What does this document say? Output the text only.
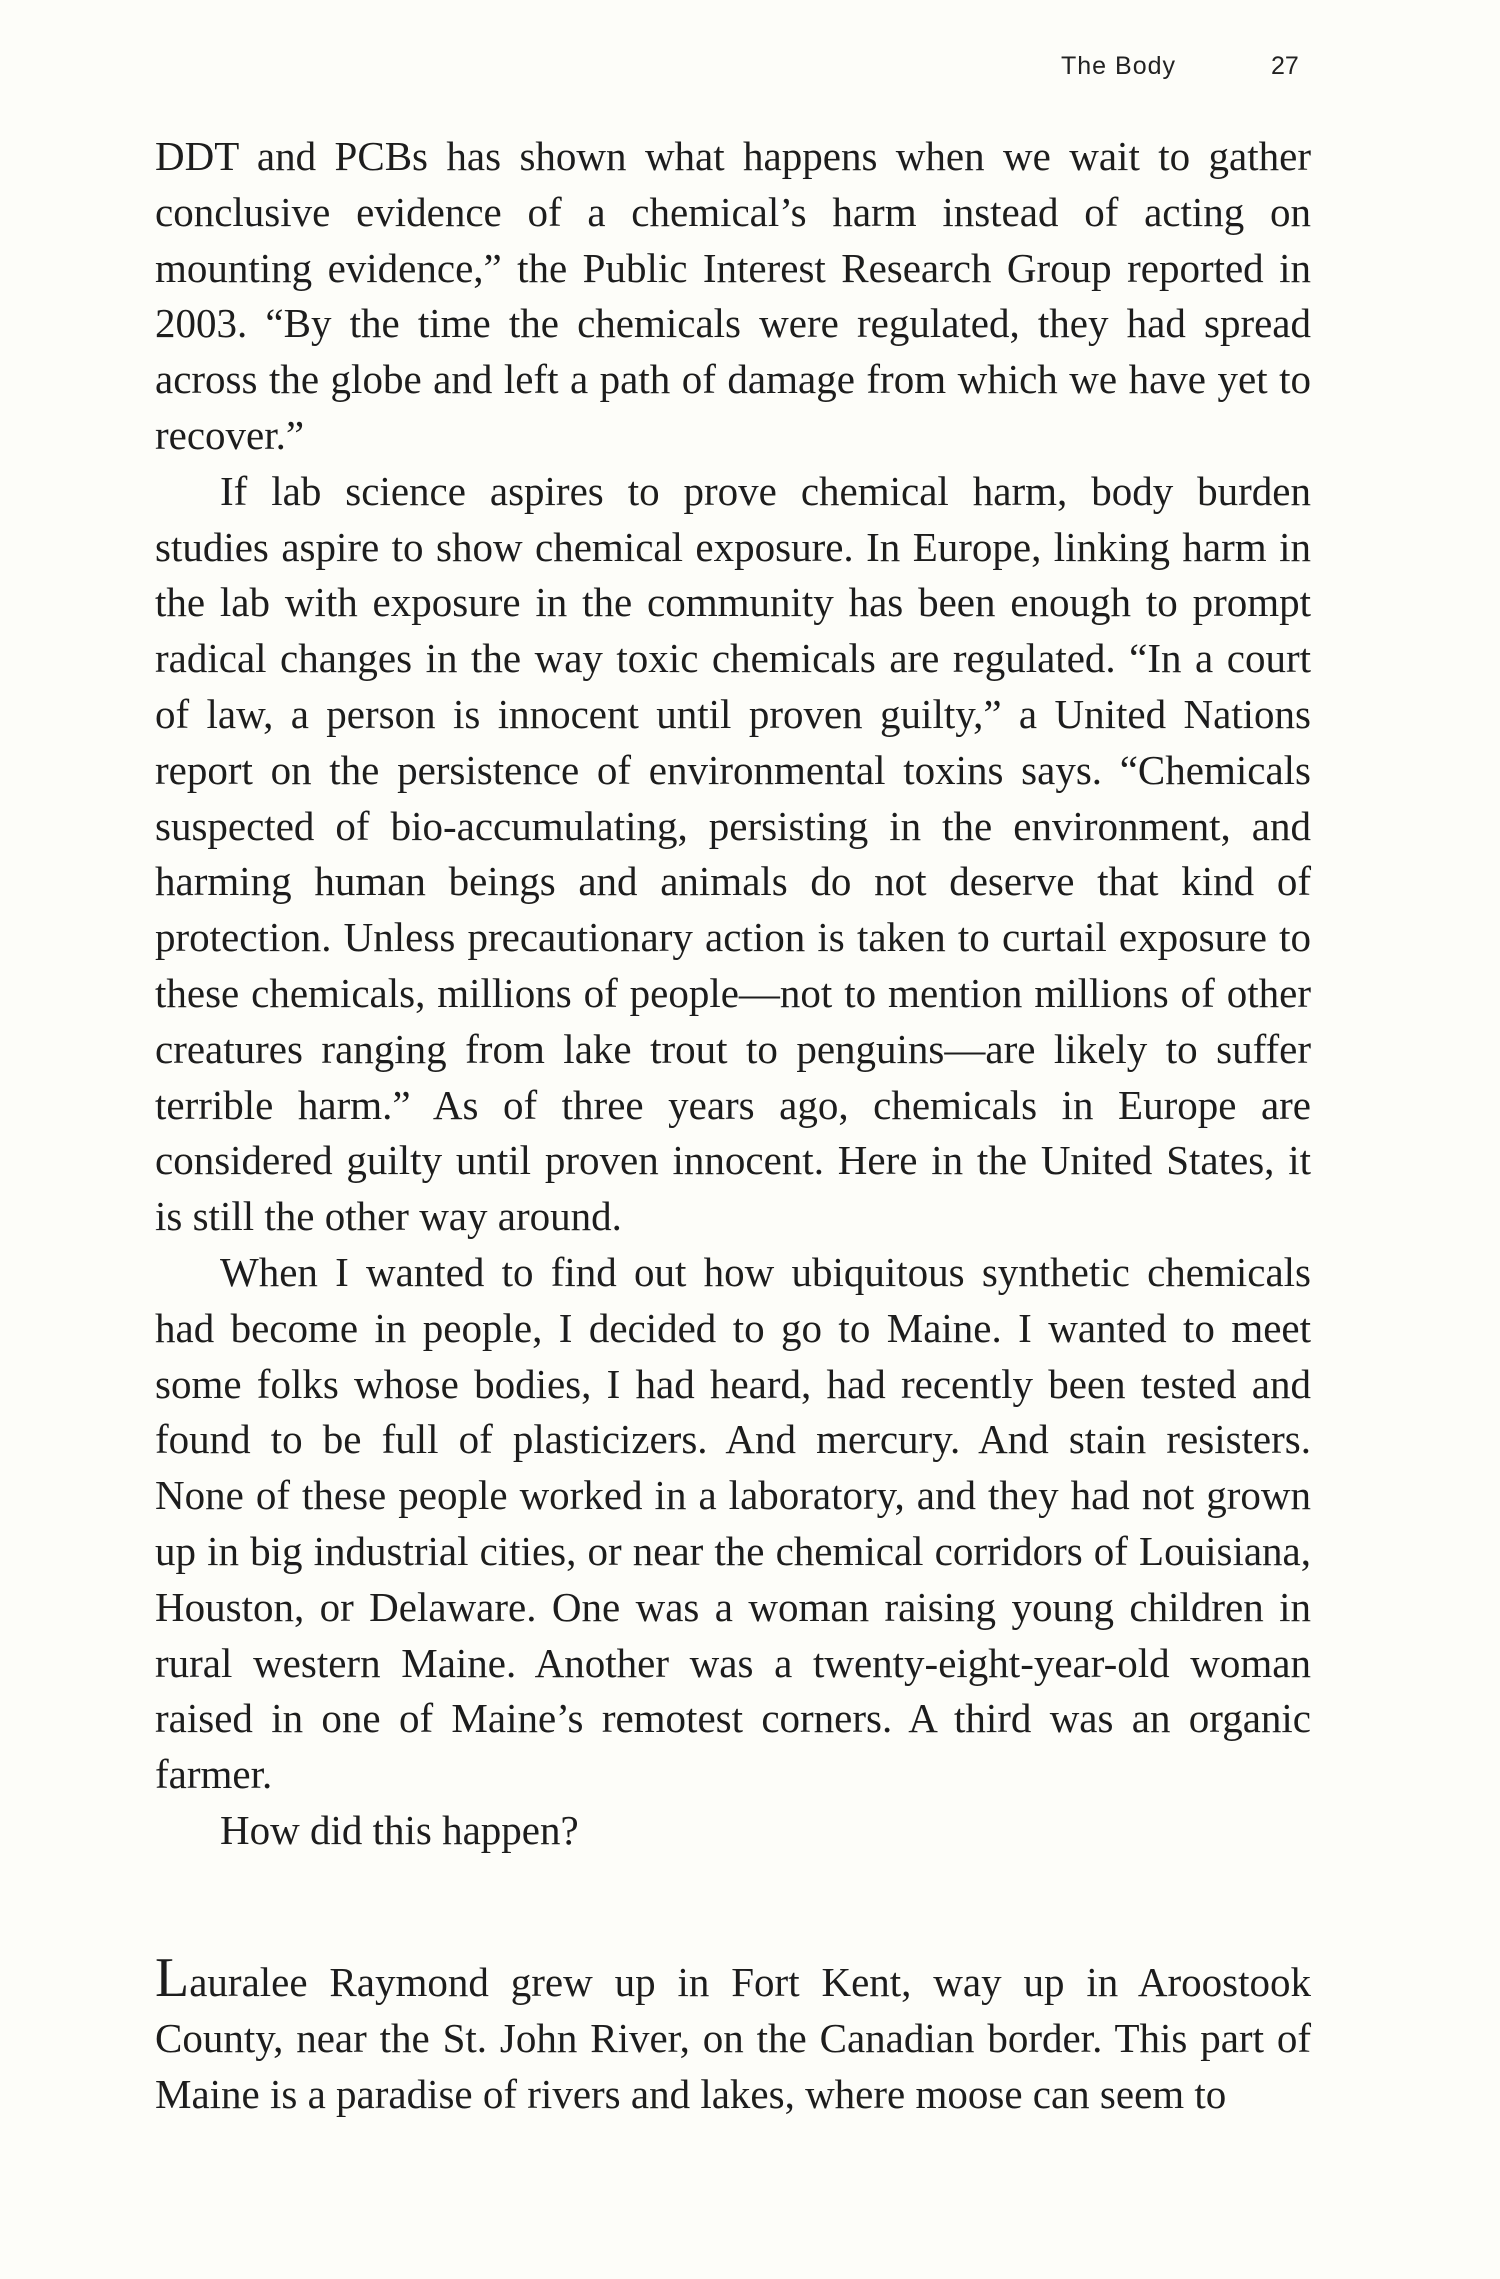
The Body	27

DDT and PCBs has shown what happens when we wait to gather conclusive evidence of a chemical’s harm instead of acting on mounting evidence,” the Public Interest Research Group reported in 2003. “By the time the chemicals were regulated, they had spread across the globe and left a path of damage from which we have yet to recover.”

If lab science aspires to prove chemical harm, body burden studies aspire to show chemical exposure. In Europe, linking harm in the lab with exposure in the community has been enough to prompt radical changes in the way toxic chemicals are regulated. “In a court of law, a person is innocent until proven guilty,” a United Nations report on the persistence of environmental toxins says. “Chemicals suspected of bio-accumulating, persisting in the environment, and harming human beings and animals do not deserve that kind of protection. Unless precautionary action is taken to curtail exposure to these chemicals, millions of people—not to mention millions of other creatures ranging from lake trout to penguins—are likely to suffer terrible harm.” As of three years ago, chemicals in Europe are considered guilty until proven innocent. Here in the United States, it is still the other way around.

When I wanted to find out how ubiquitous synthetic chemicals had become in people, I decided to go to Maine. I wanted to meet some folks whose bodies, I had heard, had recently been tested and found to be full of plasticizers. And mercury. And stain resisters. None of these people worked in a laboratory, and they had not grown up in big industrial cities, or near the chemical corridors of Louisiana, Houston, or Delaware. One was a woman raising young children in rural western Maine. Another was a twenty-eight-year-old woman raised in one of Maine’s remotest corners. A third was an organic farmer.

How did this happen?

Lauralee Raymond grew up in Fort Kent, way up in Aroostook County, near the St. John River, on the Canadian border. This part of Maine is a paradise of rivers and lakes, where moose can seem to
